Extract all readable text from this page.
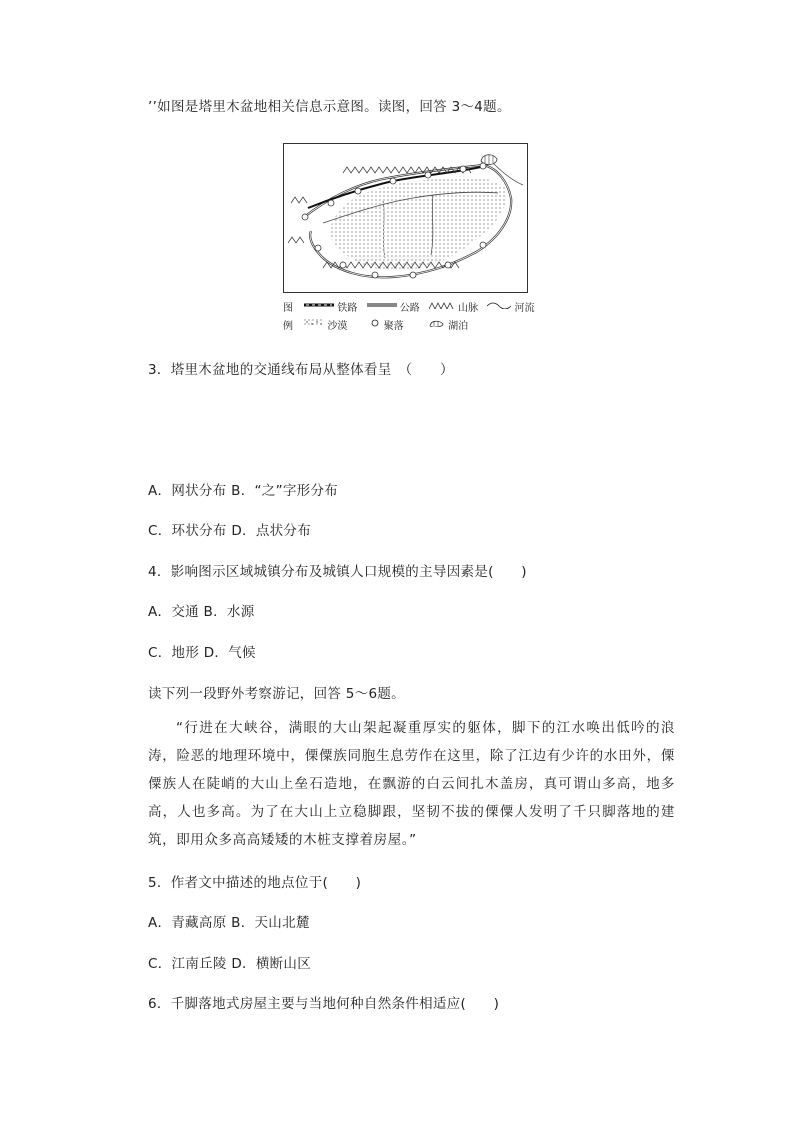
’’如图是塔里木盆地相关信息示意图。读图，回答 3～4题。
图	铁路	公路	山脉	河流
例	沙漠	聚落	湖泊
3．塔里木盆地的交通线布局从整体看呈　（　　）
A．网状分布 B．“之”字形分布
C．环状分布 D．点状分布
4．影响图示区域城镇分布及城镇人口规模的主导因素是(　　)
A．交通 B．水源
C．地形 D．气候
读下列一段野外考察游记，回答 5～6题。
“行进在大峡谷，满眼的大山架起凝重厚实的躯体，脚下的江水唤出低吟的浪涛，险恶的地理环境中，傈僳族同胞生息劳作在这里，除了江边有少许的水田外，傈僳族人在陡峭的大山上垒石造地，在飘游的白云间扎木盖房，真可谓山多高，地多高，人也多高。为了在大山上立稳脚跟，坚韧不拔的傈僳人发明了千只脚落地的建筑，即用众多高高矮矮的木桩支撑着房屋。”
5．作者文中描述的地点位于(　　)
A．青藏高原 B．天山北麓
C．江南丘陵 D．横断山区
6．千脚落地式房屋主要与当地何种自然条件相适应(　　)
